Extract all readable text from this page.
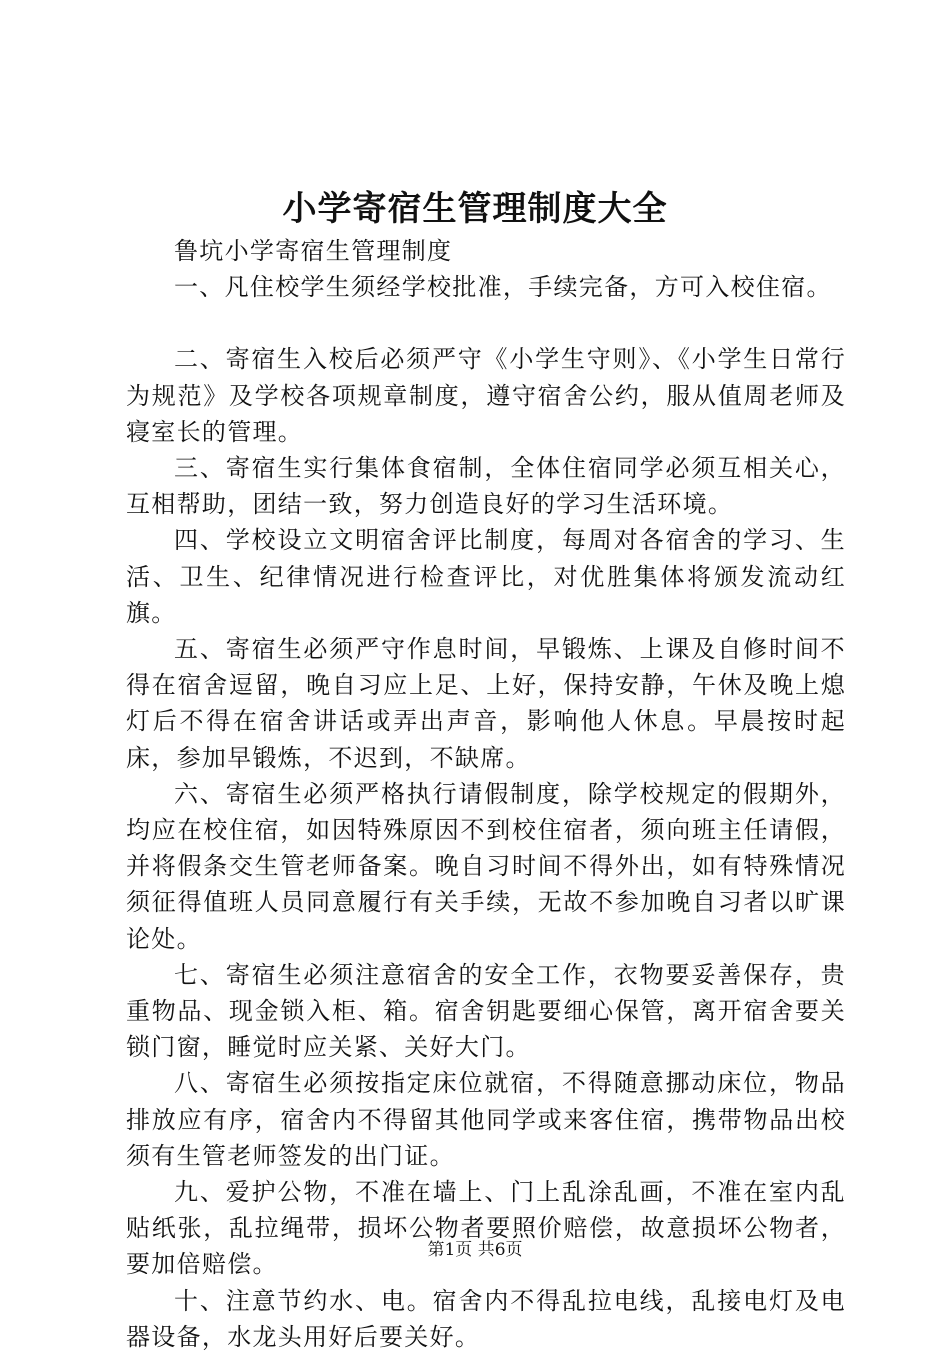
小学寄宿生管理制度大全

鲁坑小学寄宿生管理制度

一、凡住校学生须经学校批准，手续完备，方可入校住宿。

二、寄宿生入校后必须严守《小学生守则》、《小学生日常行为规范》及学校各项规章制度，遵守宿舍公约，服从值周老师及寝室长的管理。

三、寄宿生实行集体食宿制，全体住宿同学必须互相关心，互相帮助，团结一致，努力创造良好的学习生活环境。

四、学校设立文明宿舍评比制度，每周对各宿舍的学习、生活、卫生、纪律情况进行检查评比，对优胜集体将颁发流动红旗。

五、寄宿生必须严守作息时间，早锻炼、上课及自修时间不得在宿舍逗留，晚自习应上足、上好，保持安静，午休及晚上熄灯后不得在宿舍讲话或弄出声音，影响他人休息。早晨按时起床，参加早锻炼，不迟到，不缺席。

六、寄宿生必须严格执行请假制度，除学校规定的假期外，均应在校住宿，如因特殊原因不到校住宿者，须向班主任请假，并将假条交生管老师备案。晚自习时间不得外出，如有特殊情况须征得值班人员同意履行有关手续，无故不参加晚自习者以旷课论处。

七、寄宿生必须注意宿舍的安全工作，衣物要妥善保存，贵重物品、现金锁入柜、箱。宿舍钥匙要细心保管，离开宿舍要关锁门窗，睡觉时应关紧、关好大门。

八、寄宿生必须按指定床位就宿，不得随意挪动床位，物品排放应有序，宿舍内不得留其他同学或来客住宿，携带物品出校须有生管老师签发的出门证。

九、爱护公物，不准在墙上、门上乱涂乱画，不准在室内乱贴纸张，乱拉绳带，损坏公物者要照价赔偿，故意损坏公物者，要加倍赔偿。

十、注意节约水、电。宿舍内不得乱拉电线，乱接电灯及电器设备，水龙头用好后要关好。

第1页 共6页
